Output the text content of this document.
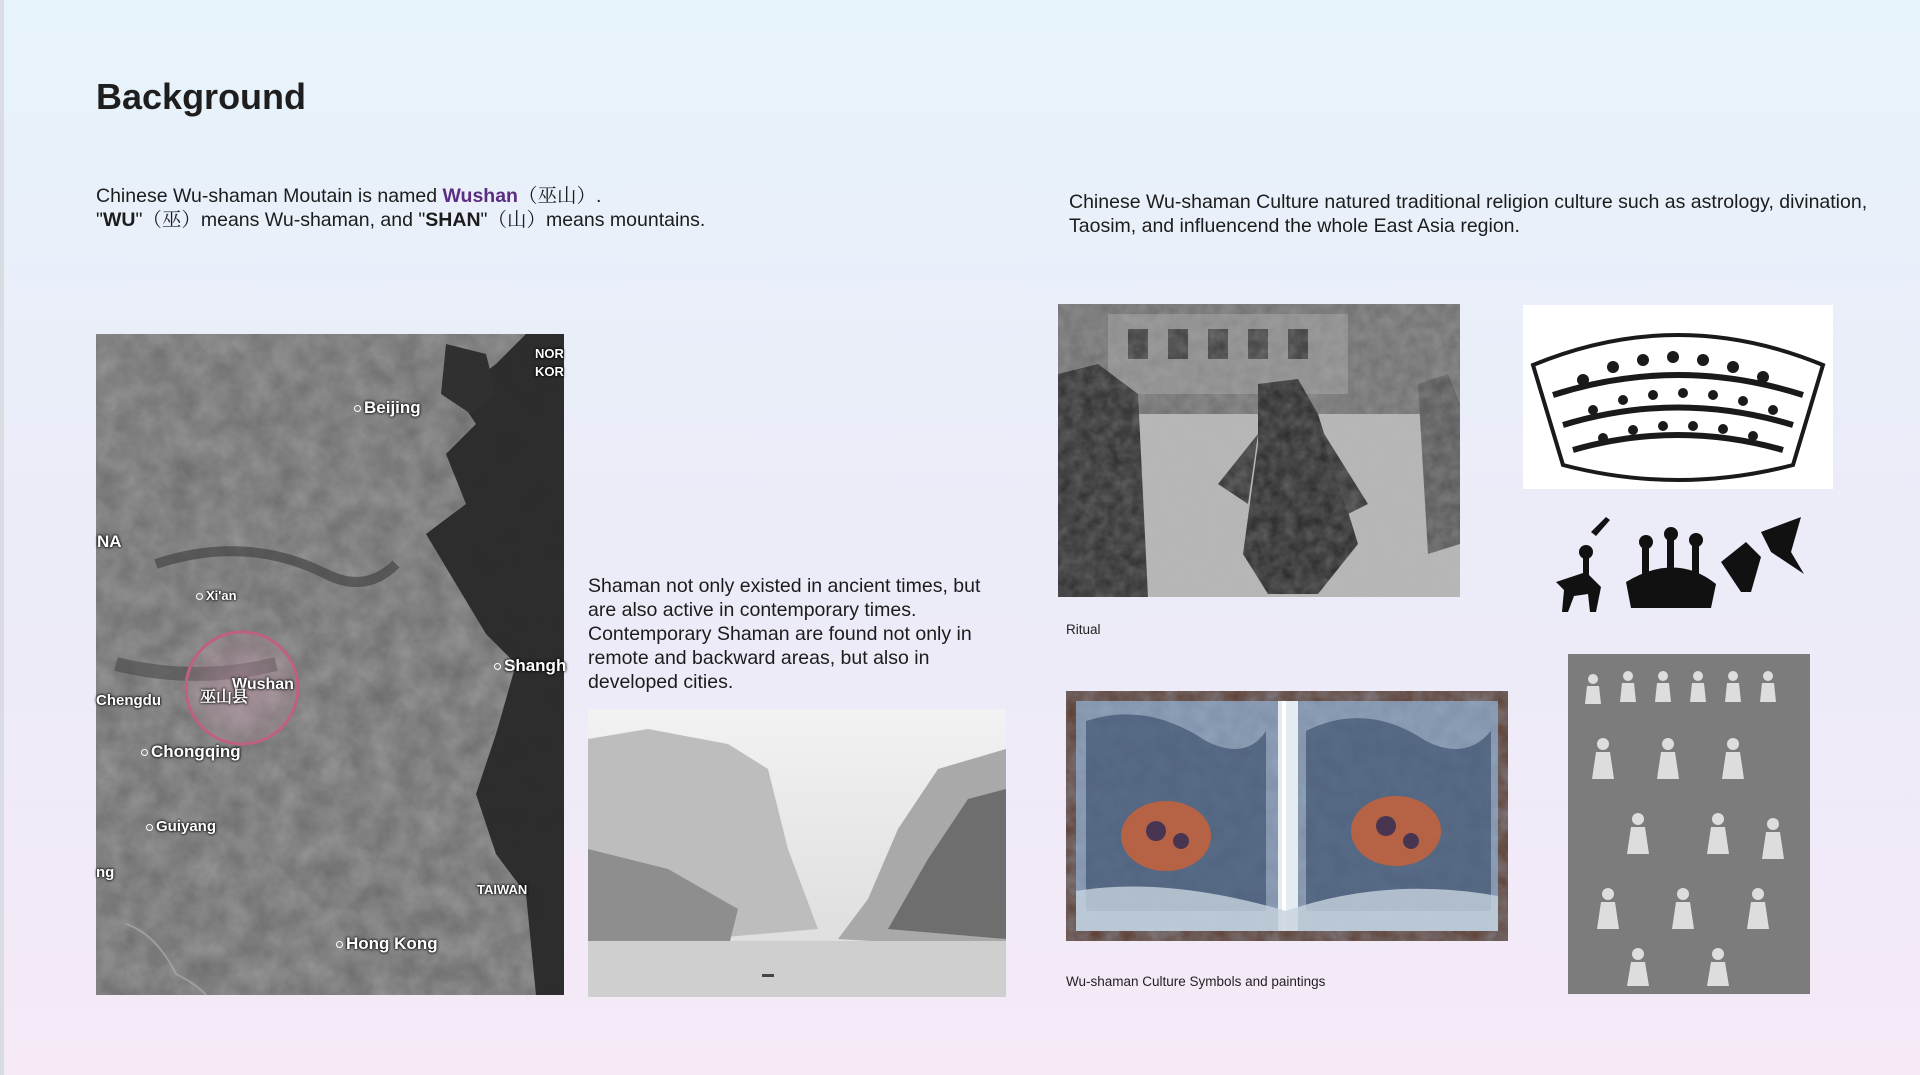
Background
Chinese Wu-shaman Moutain is named Wushan（巫山）.
"WU"（巫）means Wu-shaman, and "SHAN"（山）means mountains.
Chinese Wu-shaman Culture natured traditional religion culture such as astrology, divination, Taosim, and influencend the whole East Asia region.
Shaman not only existed in ancient times, but are also active in contemporary times. Contemporary Shaman are found not only in remote and backward areas, but also in developed cities.
NOR
KOR
Beijing
NA
Xi'an
Wushan
巫山县
Chengdu
Shangh
Chongqing
Guiyang
ng
TAIWAN
Hong Kong
Ritual
Wu-shaman Culture Symbols and paintings
